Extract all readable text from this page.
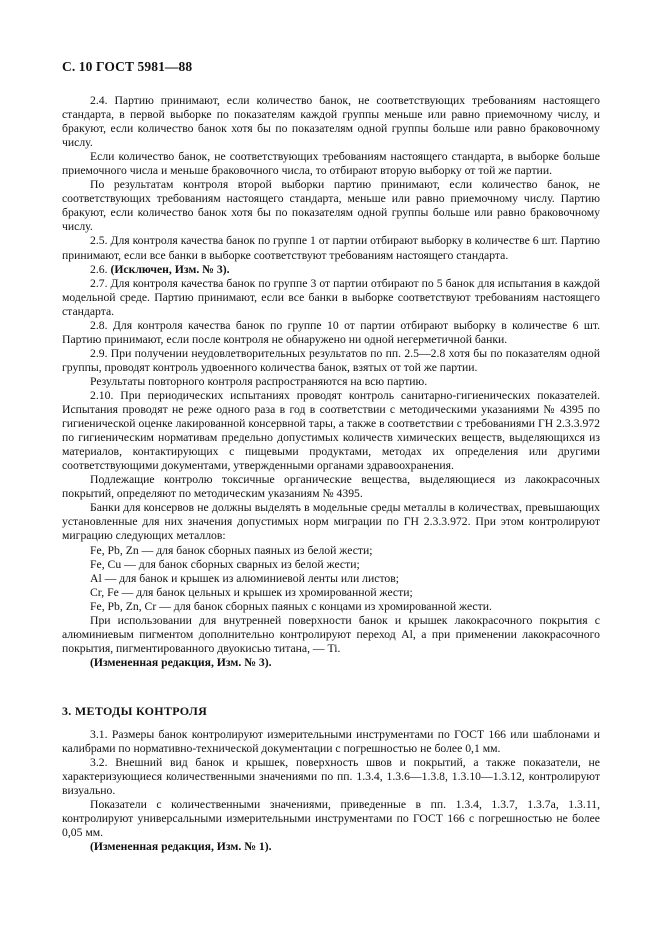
С. 10 ГОСТ 5981—88

2.4. Партию принимают, если количество банок, не соответствующих требованиям настоящего стандарта, в первой выборке по показателям каждой группы меньше или равно приемочному числу, и бракуют, если количество банок хотя бы по показателям одной группы больше или равно браковочному числу.

Если количество банок, не соответствующих требованиям настоящего стандарта, в выборке больше приемочного числа и меньше браковочного числа, то отбирают вторую выборку от той же партии.

По результатам контроля второй выборки партию принимают, если количество банок, не соответствующих требованиям настоящего стандарта, меньше или равно приемочному числу. Партию бракуют, если количество банок хотя бы по показателям одной группы больше или равно браковочному числу.

2.5. Для контроля качества банок по группе 1 от партии отбирают выборку в количестве 6 шт. Партию принимают, если все банки в выборке соответствуют требованиям настоящего стандарта.

2.6. (Исключен, Изм. № 3).

2.7. Для контроля качества банок по группе 3 от партии отбирают по 5 банок для испытания в каждой модельной среде. Партию принимают, если все банки в выборке соответствуют требованиям настоящего стандарта.

2.8. Для контроля качества банок по группе 10 от партии отбирают выборку в количестве 6 шт. Партию принимают, если после контроля не обнаружено ни одной негерметичной банки.

2.9. При получении неудовлетворительных результатов по пп. 2.5—2.8 хотя бы по показателям одной группы, проводят контроль удвоенного количества банок, взятых от той же партии.

Результаты повторного контроля распространяются на всю партию.

2.10. При периодических испытаниях проводят контроль санитарно-гигиенических показателей. Испытания проводят не реже одного раза в год в соответствии с методическими указаниями № 4395 по гигиенической оценке лакированной консервной тары, а также в соответствии с требованиями ГН 2.3.3.972 по гигиеническим нормативам предельно допустимых количеств химических веществ, выделяющихся из материалов, контактирующих с пищевыми продуктами, методах их определения или другими соответствующими документами, утвержденными органами здравоохранения.

Подлежащие контролю токсичные органические вещества, выделяющиеся из лакокрасочных покрытий, определяют по методическим указаниям № 4395.

Банки для консервов не должны выделять в модельные среды металлы в количествах, превышающих установленные для них значения допустимых норм миграции по ГН 2.3.3.972. При этом контролируют миграцию следующих металлов:

Fe, Pb, Zn — для банок сборных паяных из белой жести;

Fe, Cu — для банок сборных сварных из белой жести;

Al — для банок и крышек из алюминиевой ленты или листов;

Cr, Fe — для банок цельных и крышек из хромированной жести;

Fe, Pb, Zn, Cr — для банок сборных паяных с концами из хромированной жести.

При использовании для внутренней поверхности банок и крышек лакокрасочного покрытия с алюминиевым пигментом дополнительно контролируют переход Al, а при применении лакокрасочного покрытия, пигментированного двуокисью титана, — Ti.

(Измененная редакция, Изм. № 3).

3. МЕТОДЫ КОНТРОЛЯ

3.1. Размеры банок контролируют измерительными инструментами по ГОСТ 166 или шаблонами и калибрами по нормативно-технической документации с погрешностью не более 0,1 мм.

3.2. Внешний вид банок и крышек, поверхность швов и покрытий, а также показатели, не характеризующиеся количественными значениями по пп. 1.3.4, 1.3.6—1.3.8, 1.3.10—1.3.12, контролируют визуально.

Показатели с количественными значениями, приведенные в пп. 1.3.4, 1.3.7, 1.3.7а, 1.3.11, контролируют универсальными измерительными инструментами по ГОСТ 166 с погрешностью не более 0,05 мм.

(Измененная редакция, Изм. № 1).
